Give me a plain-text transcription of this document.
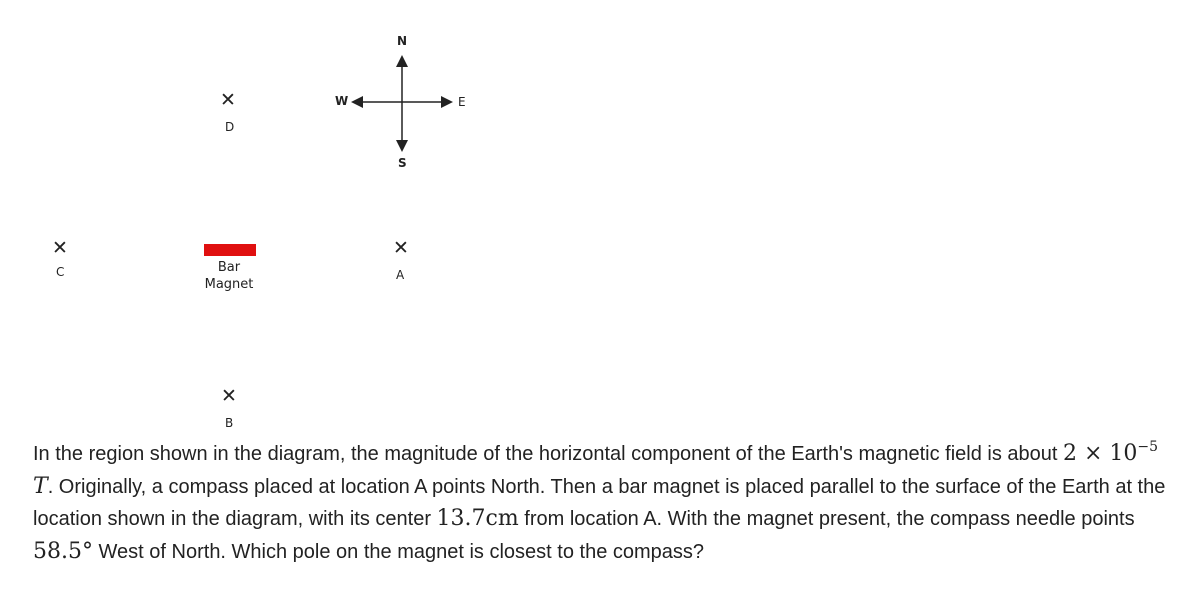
N
S
E
W
✕
D
✕
C	Bar
Magnet
✕
A
✕
B
In the region shown in the diagram, the magnitude of the horizontal component of the Earth's magnetic field is about $2 \times 10^{-5}$ T. Originally, a compass placed at location A points North. Then a bar magnet is placed parallel to the surface of the Earth at the location shown in the diagram, with its center 13.7cm from location A. With the magnet present, the compass needle points 58.5° West of North. Which pole on the magnet is closest to the compass?
